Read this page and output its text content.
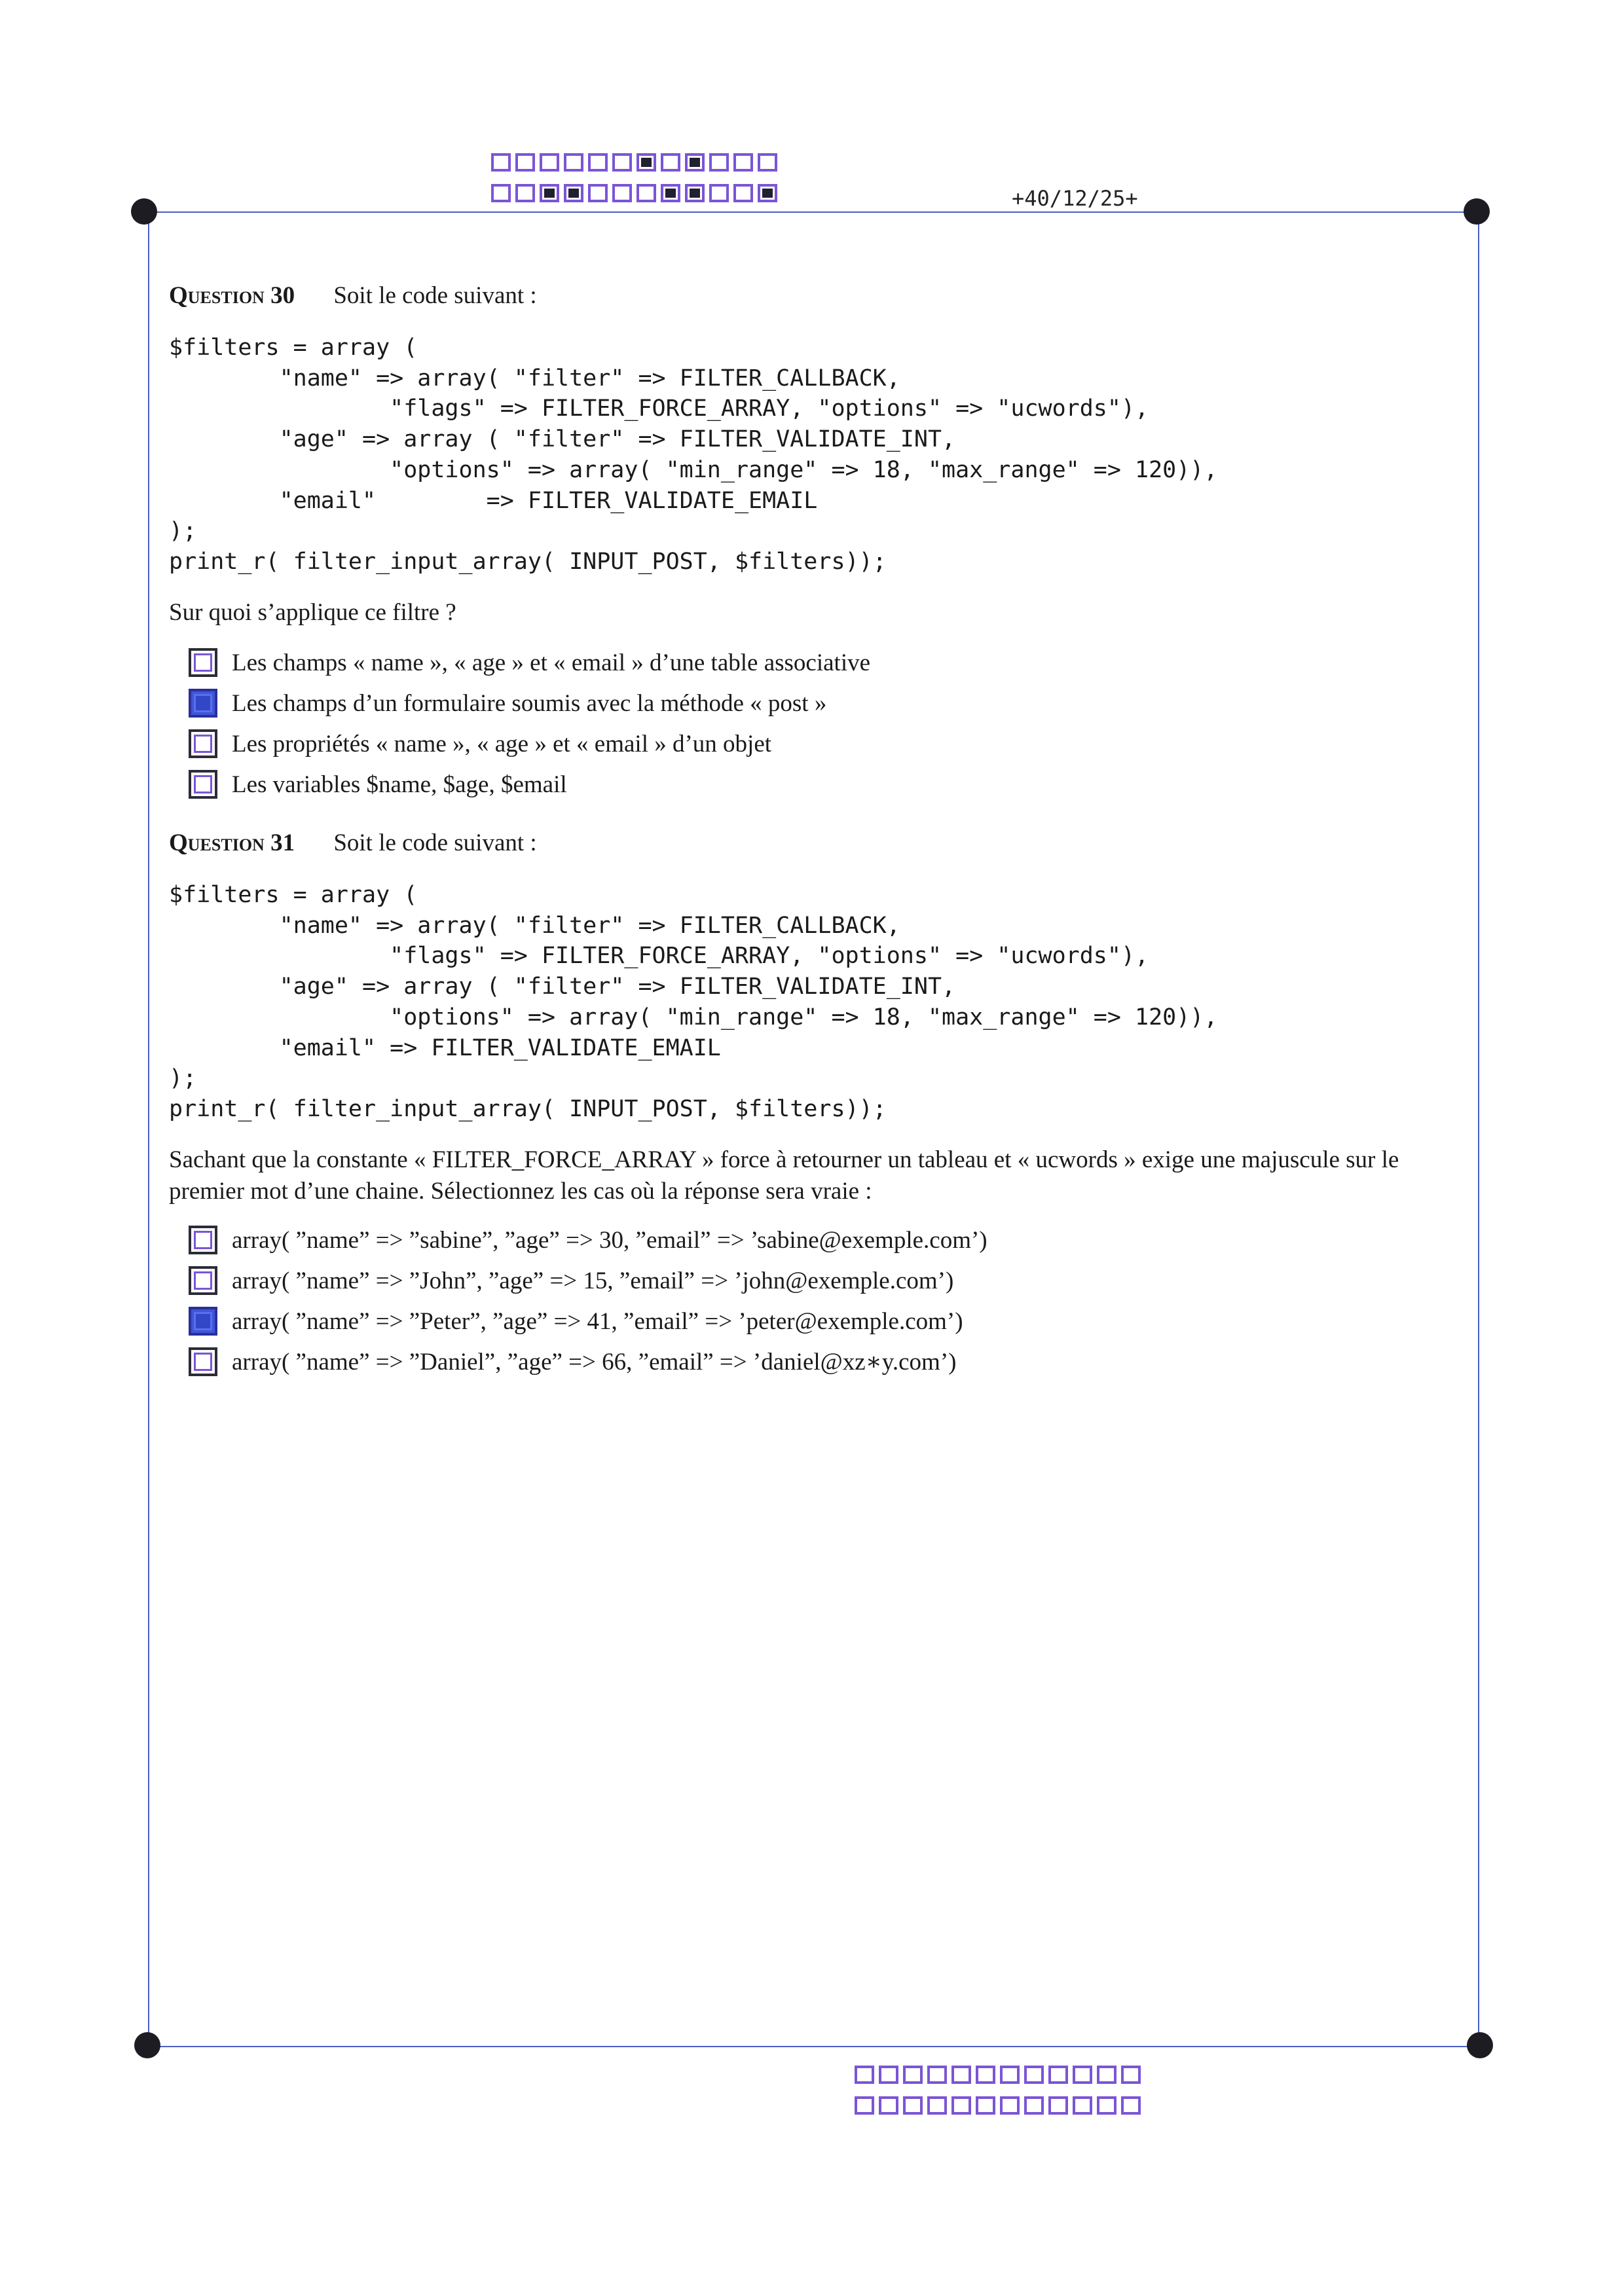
+40/12/25+
Question 30 Soit le code suivant :
$filters = array (
"name" => array( "filter" => FILTER_CALLBACK,
"flags" => FILTER_FORCE_ARRAY, "options" => "ucwords"),
"age" => array ( "filter" => FILTER_VALIDATE_INT,
"options" => array( "min_range" => 18, "max_range" => 120)),
"email"        => FILTER_VALIDATE_EMAIL
);
print_r( filter_input_array( INPUT_POST, $filters));
Sur quoi s’applique ce filtre ?
Les champs « name », « age » et « email » d’une table associative
Les champs d’un formulaire soumis avec la méthode « post »
Les propriétés « name », « age » et « email » d’un objet
Les variables $name, $age, $email
Question 31 Soit le code suivant :
$filters = array (
"name" => array( "filter" => FILTER_CALLBACK,
"flags" => FILTER_FORCE_ARRAY, "options" => "ucwords"),
"age" => array ( "filter" => FILTER_VALIDATE_INT,
"options" => array( "min_range" => 18, "max_range" => 120)),
"email" => FILTER_VALIDATE_EMAIL
);
print_r( filter_input_array( INPUT_POST, $filters));
Sachant que la constante « FILTER_FORCE_ARRAY » force à retourner un tableau et « ucwords » exige une majuscule sur le premier mot d’une chaine. Sélectionnez les cas où la réponse sera vraie :
array( ”name” => ”sabine”, ”age” => 30, ”email” => ’sabine@exemple.com’)
array( ”name” => ”John”, ”age” => 15, ”email” => ’john@exemple.com’)
array( ”name” => ”Peter”, ”age” => 41, ”email” => ’peter@exemple.com’)
array( ”name” => ”Daniel”, ”age” => 66, ”email” => ’daniel@xz∗y.com’)
